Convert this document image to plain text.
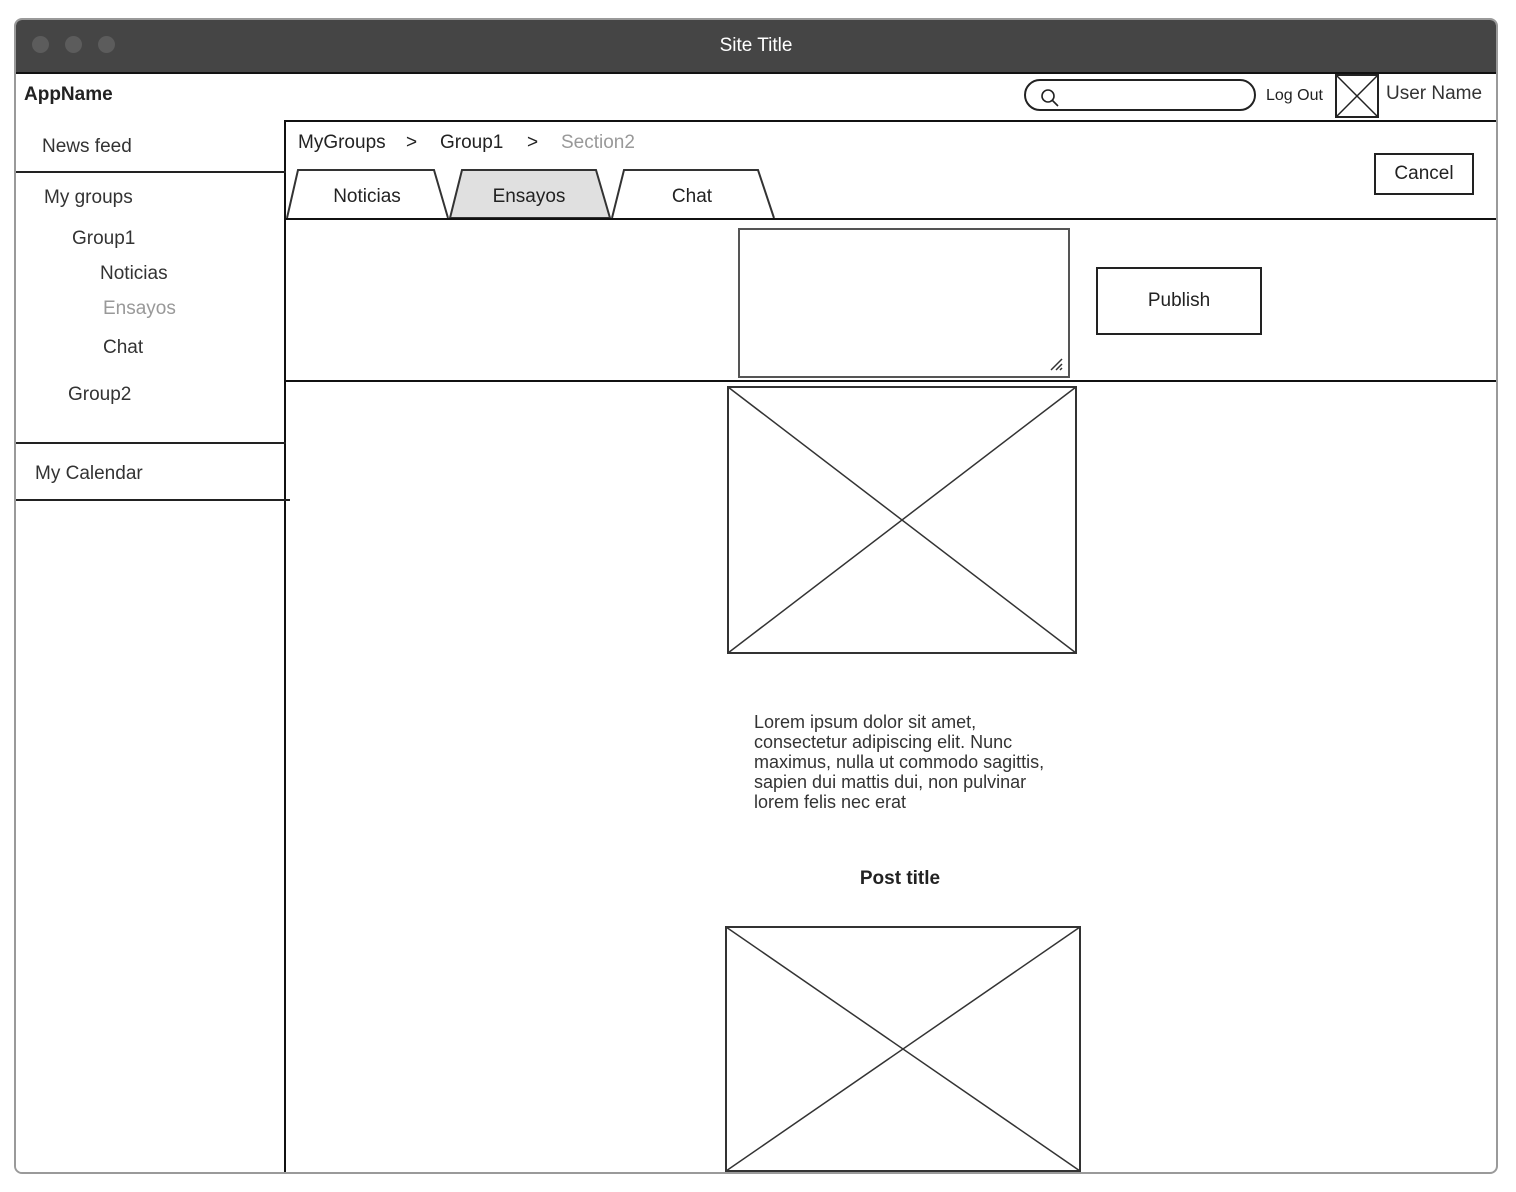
Site Title
AppName	Log Out	User Name
News feed
My groups
Group1
Noticias
Ensayos
Chat
Group2
My Calendar
MyGroups > Group1 > Section2
Cancel
Noticias	Ensayos	Chat
Publish
Lorem ipsum dolor sit amet, consectetur adipiscing elit. Nunc maximus, nulla ut commodo sagittis, sapien dui mattis dui, non pulvinar lorem felis nec erat
Post title
